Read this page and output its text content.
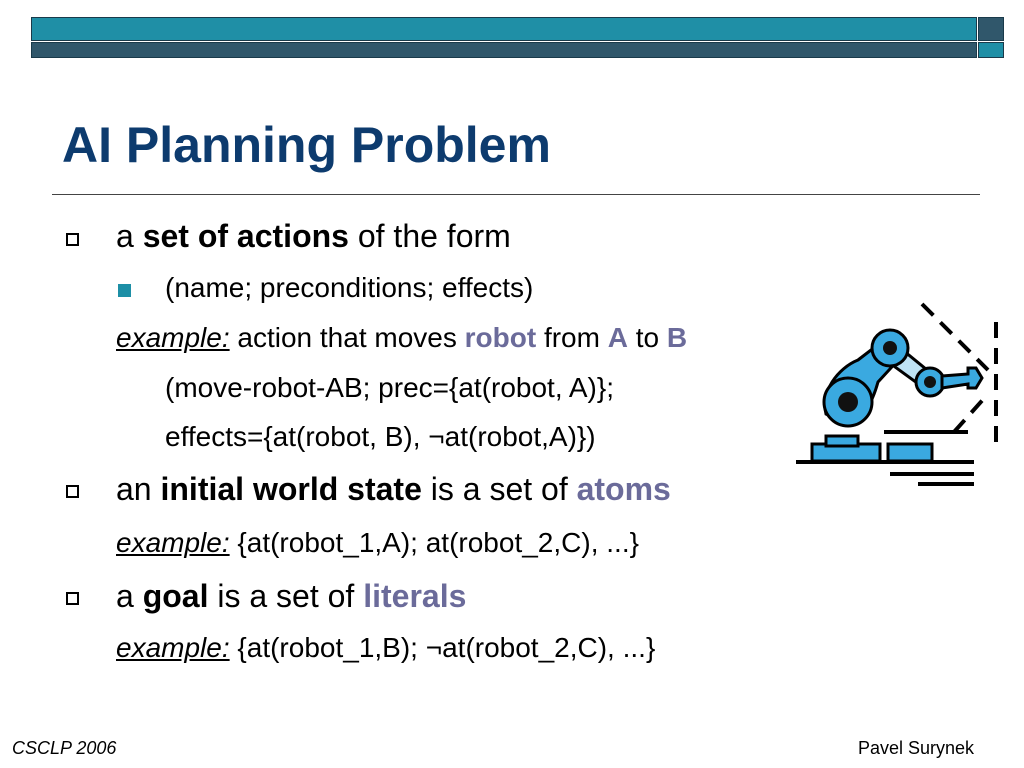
AI Planning Problem
a set of actions of the form
(name; preconditions; effects)
example: action that moves robot from A to B
(move-robot-AB; prec={at(robot, A)};
effects={at(robot, B), ¬a​t(robot,A)})
an initial world state is a set of atoms
example: {at(robot_1,A); at(robot_2,C), ...}
a goal is a set of literals
example: {at(robot_1,B); ¬at(robot_2,C), ...}
CSCLP 2006	Pavel Surynek
